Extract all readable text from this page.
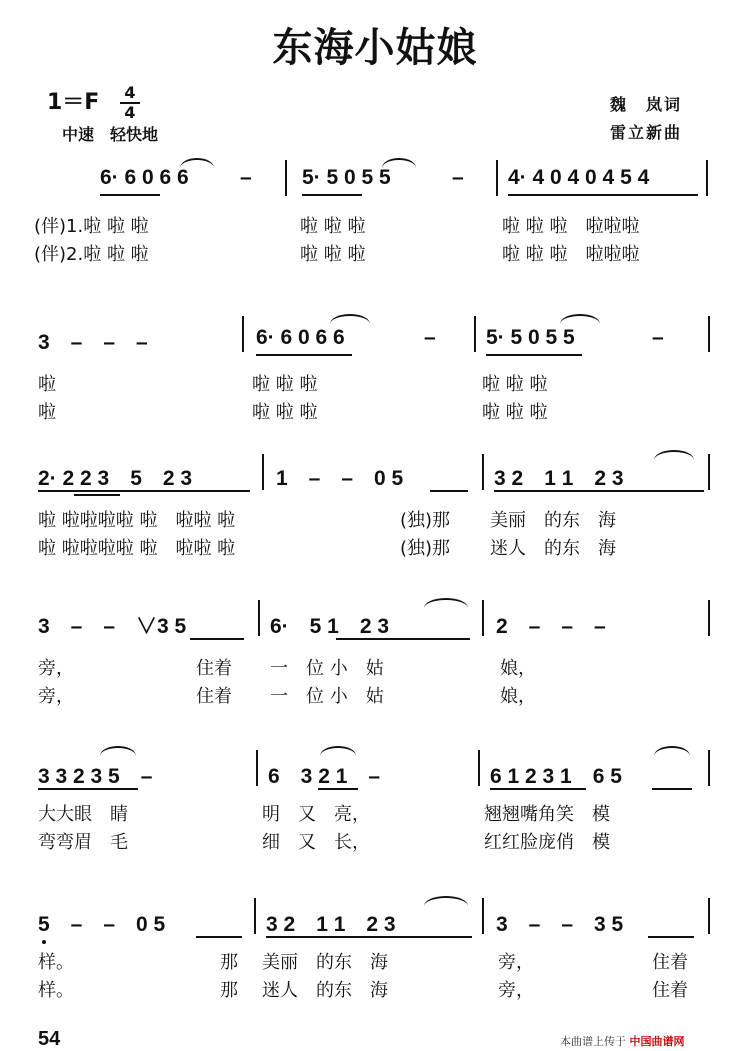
东海小姑娘
1＝F 4
4
中速　轻快地
魏　岚词
雷立新曲
6· 6 0 6 6 – 5· 5 0 5 5	– 4· 4 0 4 0 4 5 4
(伴)1.啦 啦 啦	啦 啦 啦	啦 啦 啦　啦啦啦
(伴)2.啦 啦 啦	啦 啦 啦	啦 啦 啦　啦啦啦
3　–　–　–	6· 6 0 6 6	– 5· 5 0 5 5	–
啦	啦 啦 啦	啦 啦 啦
啦	啦 啦 啦	啦 啦 啦
2· 2 2 3　5　2 3	1　–　–　0 5	3 2　1 1　2 3
啦 啦啦啦啦 啦　啦啦 啦	(独)那 美丽　的东　海
啦 啦啦啦啦 啦　啦啦 啦	(独)那 迷人　的东　海
3　–　–　∨3 5	6·　5 1　2 3	2　–　–　–
旁，	住着 一　位 小　姑	娘，
旁，	住着 一　位 小　姑	娘，
3 3 2 3 5　–	6　3 2 1　–	6 1 2 3 1　6 5
大大眼　睛	明　又　亮，	翘翘嘴角笑　模
弯弯眉　毛	细　又　长，	红红脸庞俏　模
5　–　–　0 5	3 2　1 1　2 3	3　–　–　3 5
样。	那 美丽　的东　海	旁，	住着
样。	那 迷人　的东　海	旁，	住着
54	本曲谱上传于 中国曲谱网
